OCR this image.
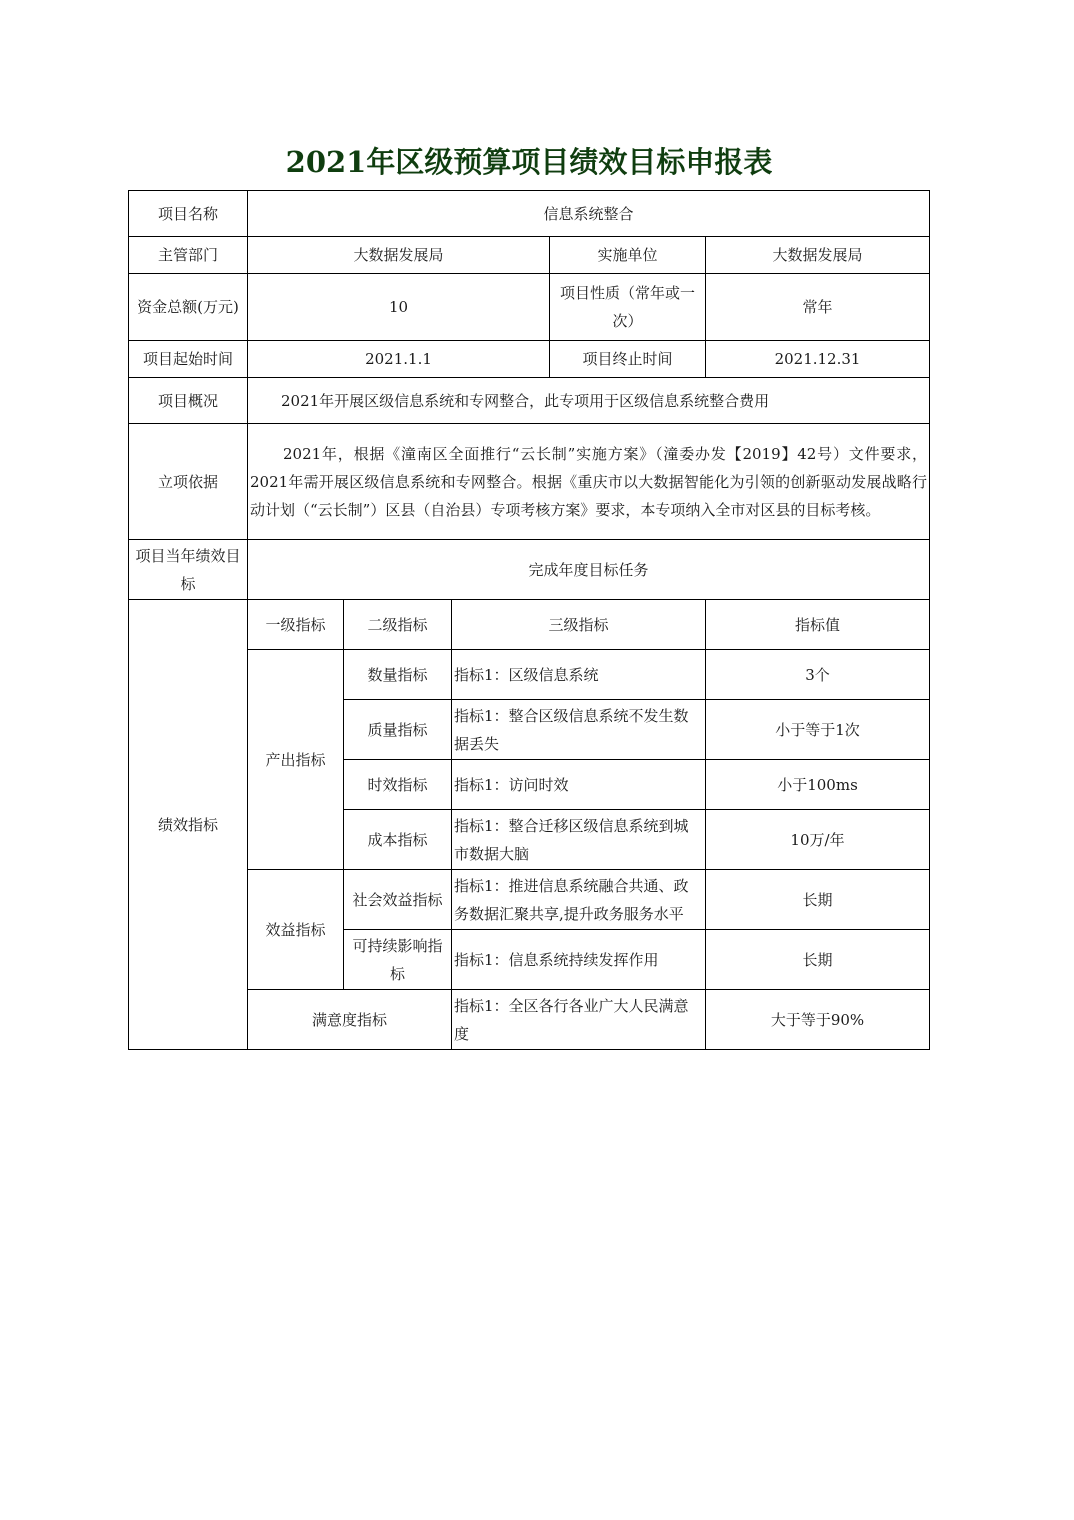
2021年区级预算项目绩效目标申报表
项目名称	信息系统整合				
主管部门	大数据发展局			实施单位	大数据发展局
资金总额(万元)	10			项目性质（常年或一次）	常年
项目起始时间	2021.1.1			项目终止时间	2021.12.31
项目概况	2021年开展区级信息系统和专网整合，此专项用于区级信息系统整合费用				
立项依据	2021年，根据《潼南区全面推行“云长制”实施方案》（潼委办发【2019】42号）文件要求，2021年需开展区级信息系统和专网整合。根据《重庆市以大数据智能化为引领的创新驱动发展战略行动计划（“云长制”）区县（自治县）专项考核方案》要求，本专项纳入全市对区县的目标考核。				

项目当年绩效目标	完成年度目标任务				
绩效指标	一级指标	二级指标	三级指标		指标值
	产出指标	数量指标	指标1：区级信息系统		3个
		质量指标	指标1：整合区级信息系统不发生数据丢失		小于等于1次
		时效指标	指标1：访问时效		小于100ms
		成本指标	指标1：整合迁移区级信息系统到城市数据大脑		10万/年
	效益指标	社会效益指标	指标1：推进信息系统融合共通、政务数据汇聚共享,提升政务服务水平		长期
		可持续影响指标	指标1：信息系统持续发挥作用		长期
	满意度指标		指标1：全区各行各业广大人民满意度		大于等于90%
